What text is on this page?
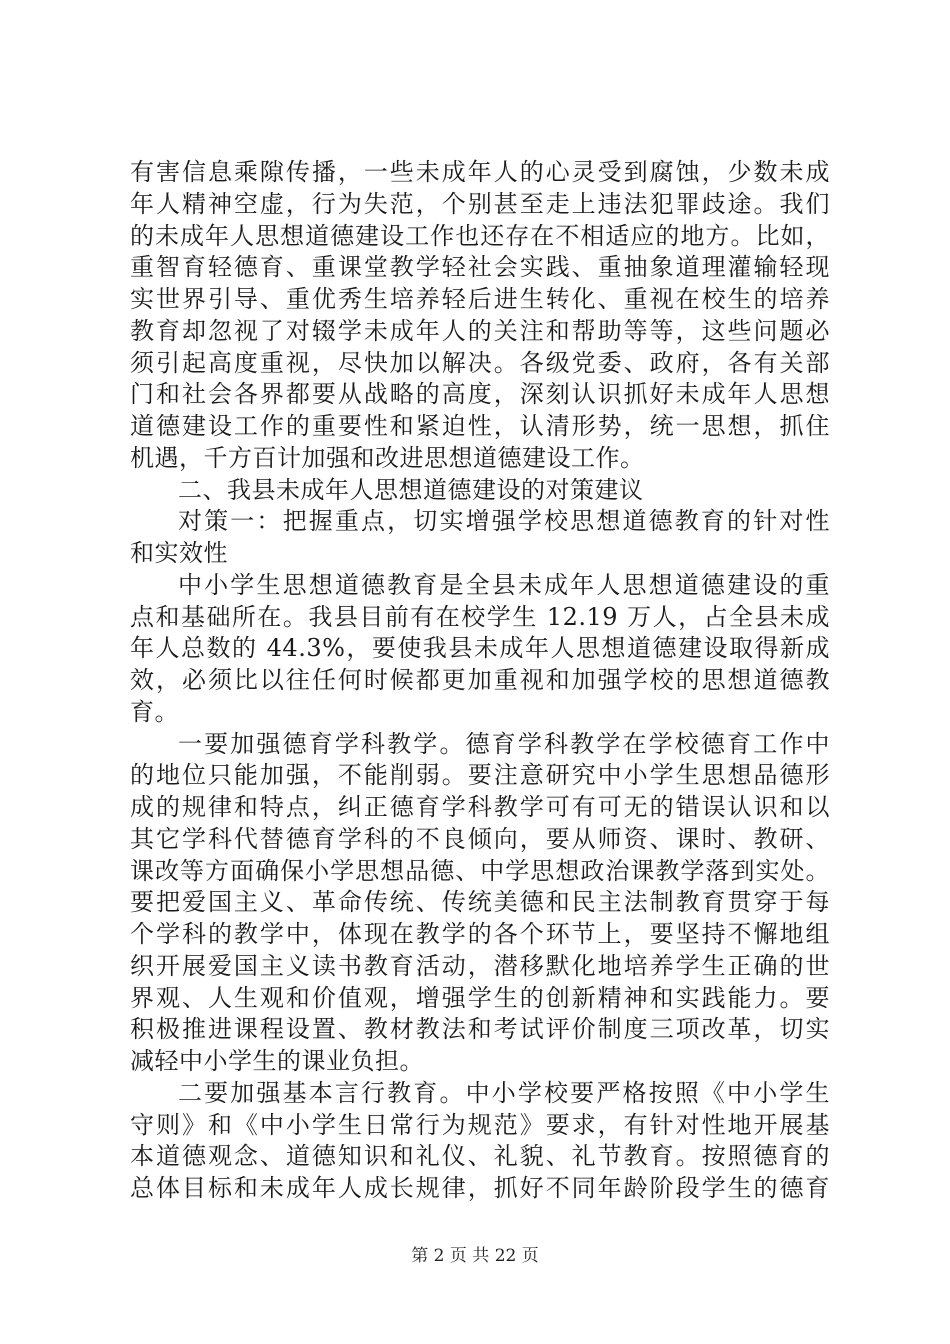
有害信息乘隙传播，一些未成年人的心灵受到腐蚀，少数未成
年人精神空虚，行为失范，个别甚至走上违法犯罪歧途。我们
的未成年人思想道德建设工作也还存在不相适应的地方。比如，
重智育轻德育、重课堂教学轻社会实践、重抽象道理灌输轻现
实世界引导、重优秀生培养轻后进生转化、重视在校生的培养
教育却忽视了对辍学未成年人的关注和帮助等等，这些问题必
须引起高度重视，尽快加以解决。各级党委、政府，各有关部
门和社会各界都要从战略的高度，深刻认识抓好未成年人思想
道德建设工作的重要性和紧迫性，认清形势，统一思想，抓住
机遇，千方百计加强和改进思想道德建设工作。
二、我县未成年人思想道德建设的对策建议
对策一：把握重点，切实增强学校思想道德教育的针对性
和实效性
中小学生思想道德教育是全县未成年人思想道德建设的重
点和基础所在。我县目前有在校学生 12.19 万人，占全县未成
年人总数的 44.3%，要使我县未成年人思想道德建设取得新成
效，必须比以往任何时候都更加重视和加强学校的思想道德教
育。
一要加强德育学科教学。德育学科教学在学校德育工作中
的地位只能加强，不能削弱。要注意研究中小学生思想品德形
成的规律和特点，纠正德育学科教学可有可无的错误认识和以
其它学科代替德育学科的不良倾向，要从师资、课时、教研、
课改等方面确保小学思想品德、中学思想政治课教学落到实处。
要把爱国主义、革命传统、传统美德和民主法制教育贯穿于每
个学科的教学中，体现在教学的各个环节上，要坚持不懈地组
织开展爱国主义读书教育活动，潜移默化地培养学生正确的世
界观、人生观和价值观，增强学生的创新精神和实践能力。要
积极推进课程设置、教材教法和考试评价制度三项改革，切实
减轻中小学生的课业负担。
二要加强基本言行教育。中小学校要严格按照《中小学生
守则》和《中小学生日常行为规范》要求，有针对性地开展基
本道德观念、道德知识和礼仪、礼貌、礼节教育。按照德育的
总体目标和未成年人成长规律，抓好不同年龄阶段学生的德育
第 2 页 共 22 页
